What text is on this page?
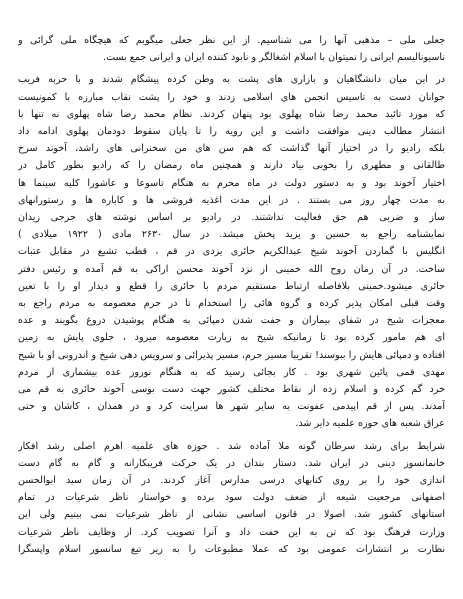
جعلی ملی – مذهبی آنها را می شناسیم. از این نظر جعلی میگویم که هیچگاه ملی گرائی و
ناسیونالیسم ایرانی را نمیتوان با اسلام اشغالگر و نابود کننده ایران و ایرانی جمع بست.
در این میان دانشگاهیان و بازاری های پشت به وطن کرده پیشگام شدند و با حربه فریب
جوانان دست به تاسیس انجمن های اسلامی زدند و خود را پشت نقاب مبارزه با کمونیست
که مورد تائید محمد رضا شاه پهلوی بود پنهان کردند. نظام محمد رضا شاه پهلوی نه تنها با
انتشار مطالب دینی موافقت داشت و این رویه را تا پایان سقوط دودمان پهلوی ادامه داد
بلکه رادیو را در اختیار آنها گذاشت که هم سن های من سخنرانی های راشد، آخوند سرخ
طالقانی و مطهری را بخوبی بیاد دارند و همچنین ماه رمضان را که رادیو بطور کامل در
اختیار آخوند بود و به دستور دولت در ماه محرم به هنگام تاسوعا و عاشورا کلیه سینما ها
به مدت چهار روز می بستند . در این مدت اغذیه فروشی ها و کاباره ها و رستورانهای
ساز و ضربی هم حق فعالیت نداشتند. در رادیو بر اساس نوشته های جرجی زیدان
نمایشنامه راجع به حسین و یزید پخش میشد. در سال ۲۶۳۰ مادی ( ۱۹۲۲ میلادی )
انگلیس با گماردن آخوند شیخ عبدالکریم حائری یزدی در قم ، قطب تشیع در مقابل عتبات
ساخت. در آن زمان روح الله خمینی از نزد آخوند محسن اراکی به قم آمده و رئیس دفتر
حائری میشود.خمینی بلافاصله ارتباط مستقیم مردم با حائری را قطع و دیدار او را با تعین
وقت قبلی امکان پذیر کرده و گروه هائی را استخدام تا در حرم معصومه به مردم راجع به
معجزات شیخ در شفای بیماران و جفت شدن دمپائی به هنگام پوشیدن دروغ بگویند و عده
ای هم مامور کرده بود تا زمانیکه شیخ به زیارت معصومه میرود ، جلوی پایش به زمین
افتاده و دمپائی هایش را ببوسند! تقریبا مسیر حرم، مسیر پذیرائی و سرویس دهی شیخ و اندرونی او با شیخ
مهدی قمی پائین شهری بود . کار بجائی رسید که به هنگام نوروز عده بیشماری از مردم
خرد گم کرده و اسلام زده از نقاط مختلف کشور جهت دست بوسی آخوند حائری به قم می
آمدند. پس از قم اپیدمی عفونت به سایر شهر ها سرایت کرد و در همدان ، کاشان و حتی
عراق شعبه های حوزه علمیه دایر شد.
شرایط برای رشد سرطان گونه ملا آماده شد . حوزه های علمیه اهرم اصلی رشد افکار
خانمانسوز دینی در ایران شد. دستار بندان در یک حرکت فریبکارانه و گام به گام دست
اندازی خود را بر روی کتابهای درسی مدارس آغاز کردند. در آن زمان سید ابوالحسن
اصفهانی مرجعیت شیعه از ضعف دولت سود برده و خواستار ناظر شرعیات در تمام
استانهای کشور شد. اصولا در قانون اساسی نشانی از ناظر شرعیات نمی بینیم ولی این
وزارت فرهنگ بود که تن به این خفت داد و آنرا تصویب کرد. از وظایف ناظر شرعیات
نظارت بر انتشارات عمومی بود که عملا مطبوعات را به زیر تیغ سانسور اسلام واپسگرا
